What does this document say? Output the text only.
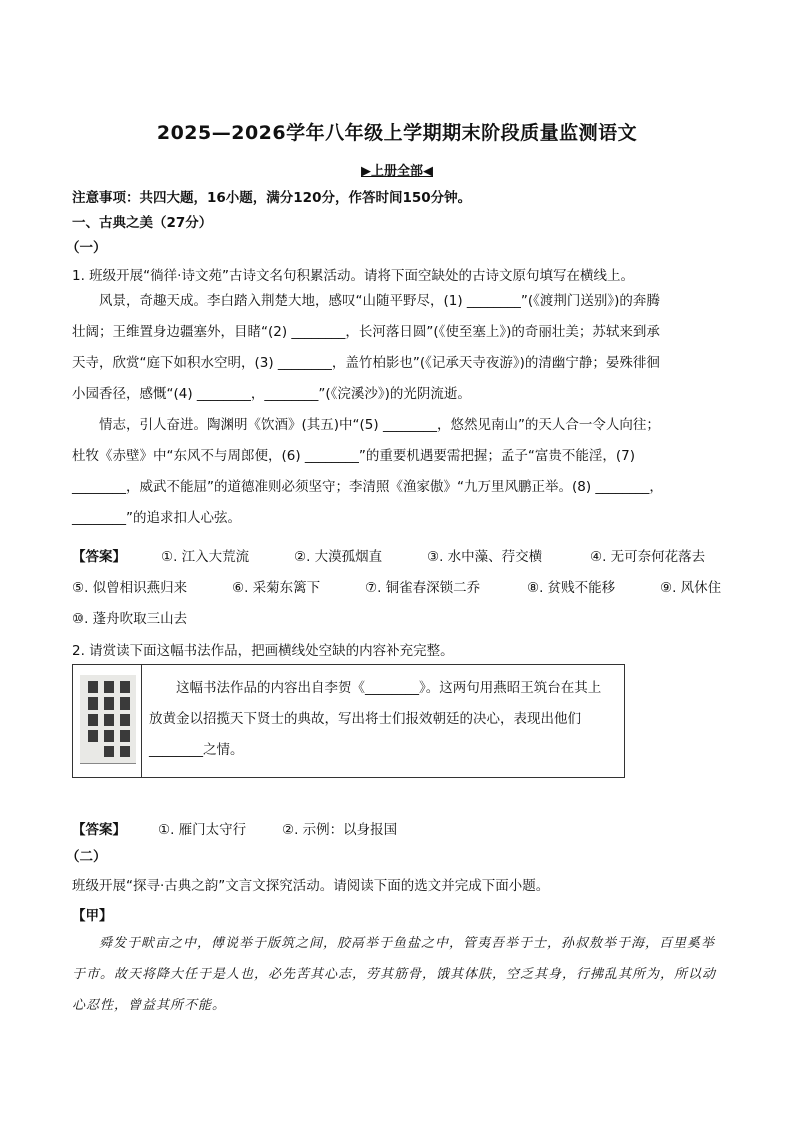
2025—2026学年八年级上学期期末阶段质量监测语文
▶上册全部◀
注意事项：共四大题，16小题，满分120分，作答时间150分钟。
一、古典之美（27分）
（一）
1. 班级开展“徜徉·诗文苑”古诗文名句积累活动。请将下面空缺处的古诗文原句填写在横线上。
风景，奇趣天成。李白踏入荆楚大地，感叹“山随平野尽，(1) ________”(《渡荆门送别》)的奔腾
壮阔；王维置身边疆塞外，目睹“(2) ________，长河落日圆”(《使至塞上》)的奇丽壮美；苏轼来到承
天寺，欣赏“庭下如积水空明，(3) ________，盖竹柏影也”(《记承天寺夜游》)的清幽宁静；晏殊徘徊
小园香径，感慨“(4) ________，________”(《浣溪沙》)的光阴流逝。
情志，引人奋进。陶渊明《饮酒》(其五)中“(5) ________，悠然见南山”的天人合一令人向往；
杜牧《赤壁》中“东风不与周郎便，(6) ________”的重要机遇要需把握；孟子“富贵不能淫，(7)
________，威武不能屈”的道德准则必须坚守；李清照《渔家傲》“九万里风鹏正举。(8) ________，
________”的追求扣人心弦。
【答案】	①. 江入大荒流	②. 大漠孤烟直	③. 水中藻、荇交横	④. 无可奈何花落去
⑤. 似曾相识燕归来	⑥. 采菊东篱下	⑦. 铜雀春深锁二乔	⑧. 贫贱不能移	⑨. 风休住
⑩. 蓬舟吹取三山去
2. 请赏读下面这幅书法作品，把画横线处空缺的内容补充完整。
这幅书法作品的内容出自李贺《________》。这两句用燕昭王筑台在其上
放黄金以招揽天下贤士的典故，写出将士们报效朝廷的决心，表现出他们
________之情。
【答案】 ①. 雁门太守行	②. 示例：以身报国
（二）
班级开展“探寻·古典之韵”文言文探究活动。请阅读下面的选文并完成下面小题。
【甲】
舜发于畎亩之中，傅说举于版筑之间，胶鬲举于鱼盐之中，管夷吾举于士，孙叔敖举于海，百里奚举
于市。故天将降大任于是人也，必先苦其心志，劳其筋骨，饿其体肤，空乏其身，行拂乱其所为，所以动
心忍性，曾益其所不能。
